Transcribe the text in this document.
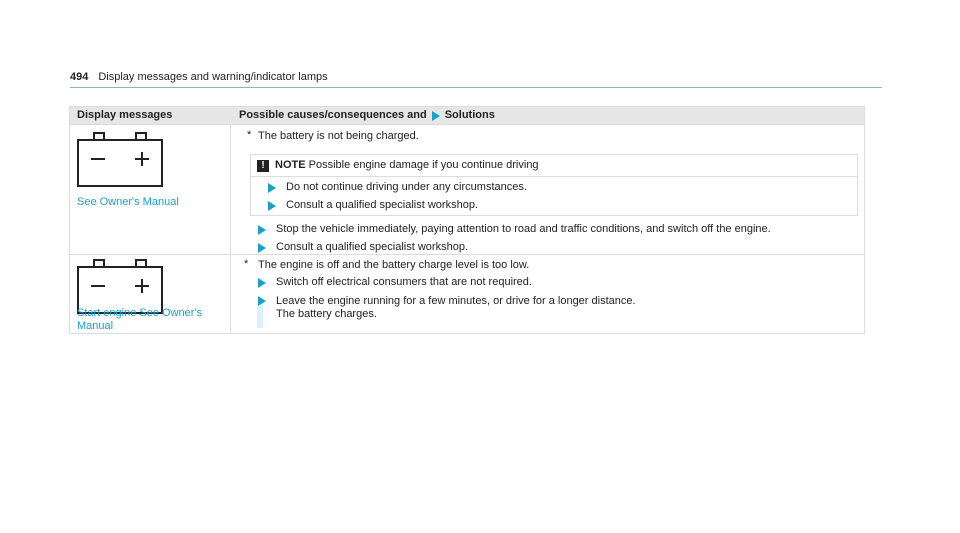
494 Display messages and warning/indicator lamps
Display messages	Possible causes/consequences and Solutions
See Owner's Manual
* The battery is not being charged.
! NOTE Possible engine damage if you continue driving
Do not continue driving under any circumstances.
Consult a qualified specialist workshop.
Stop the vehicle immediately, paying attention to road and traffic conditions, and switch off the engine.
Consult a qualified specialist workshop.
Start engine See Owner's Manual
* The engine is off and the battery charge level is too low.
Switch off electrical consumers that are not required.
Leave the engine running for a few minutes, or drive for a longer distance.
The battery charges.
